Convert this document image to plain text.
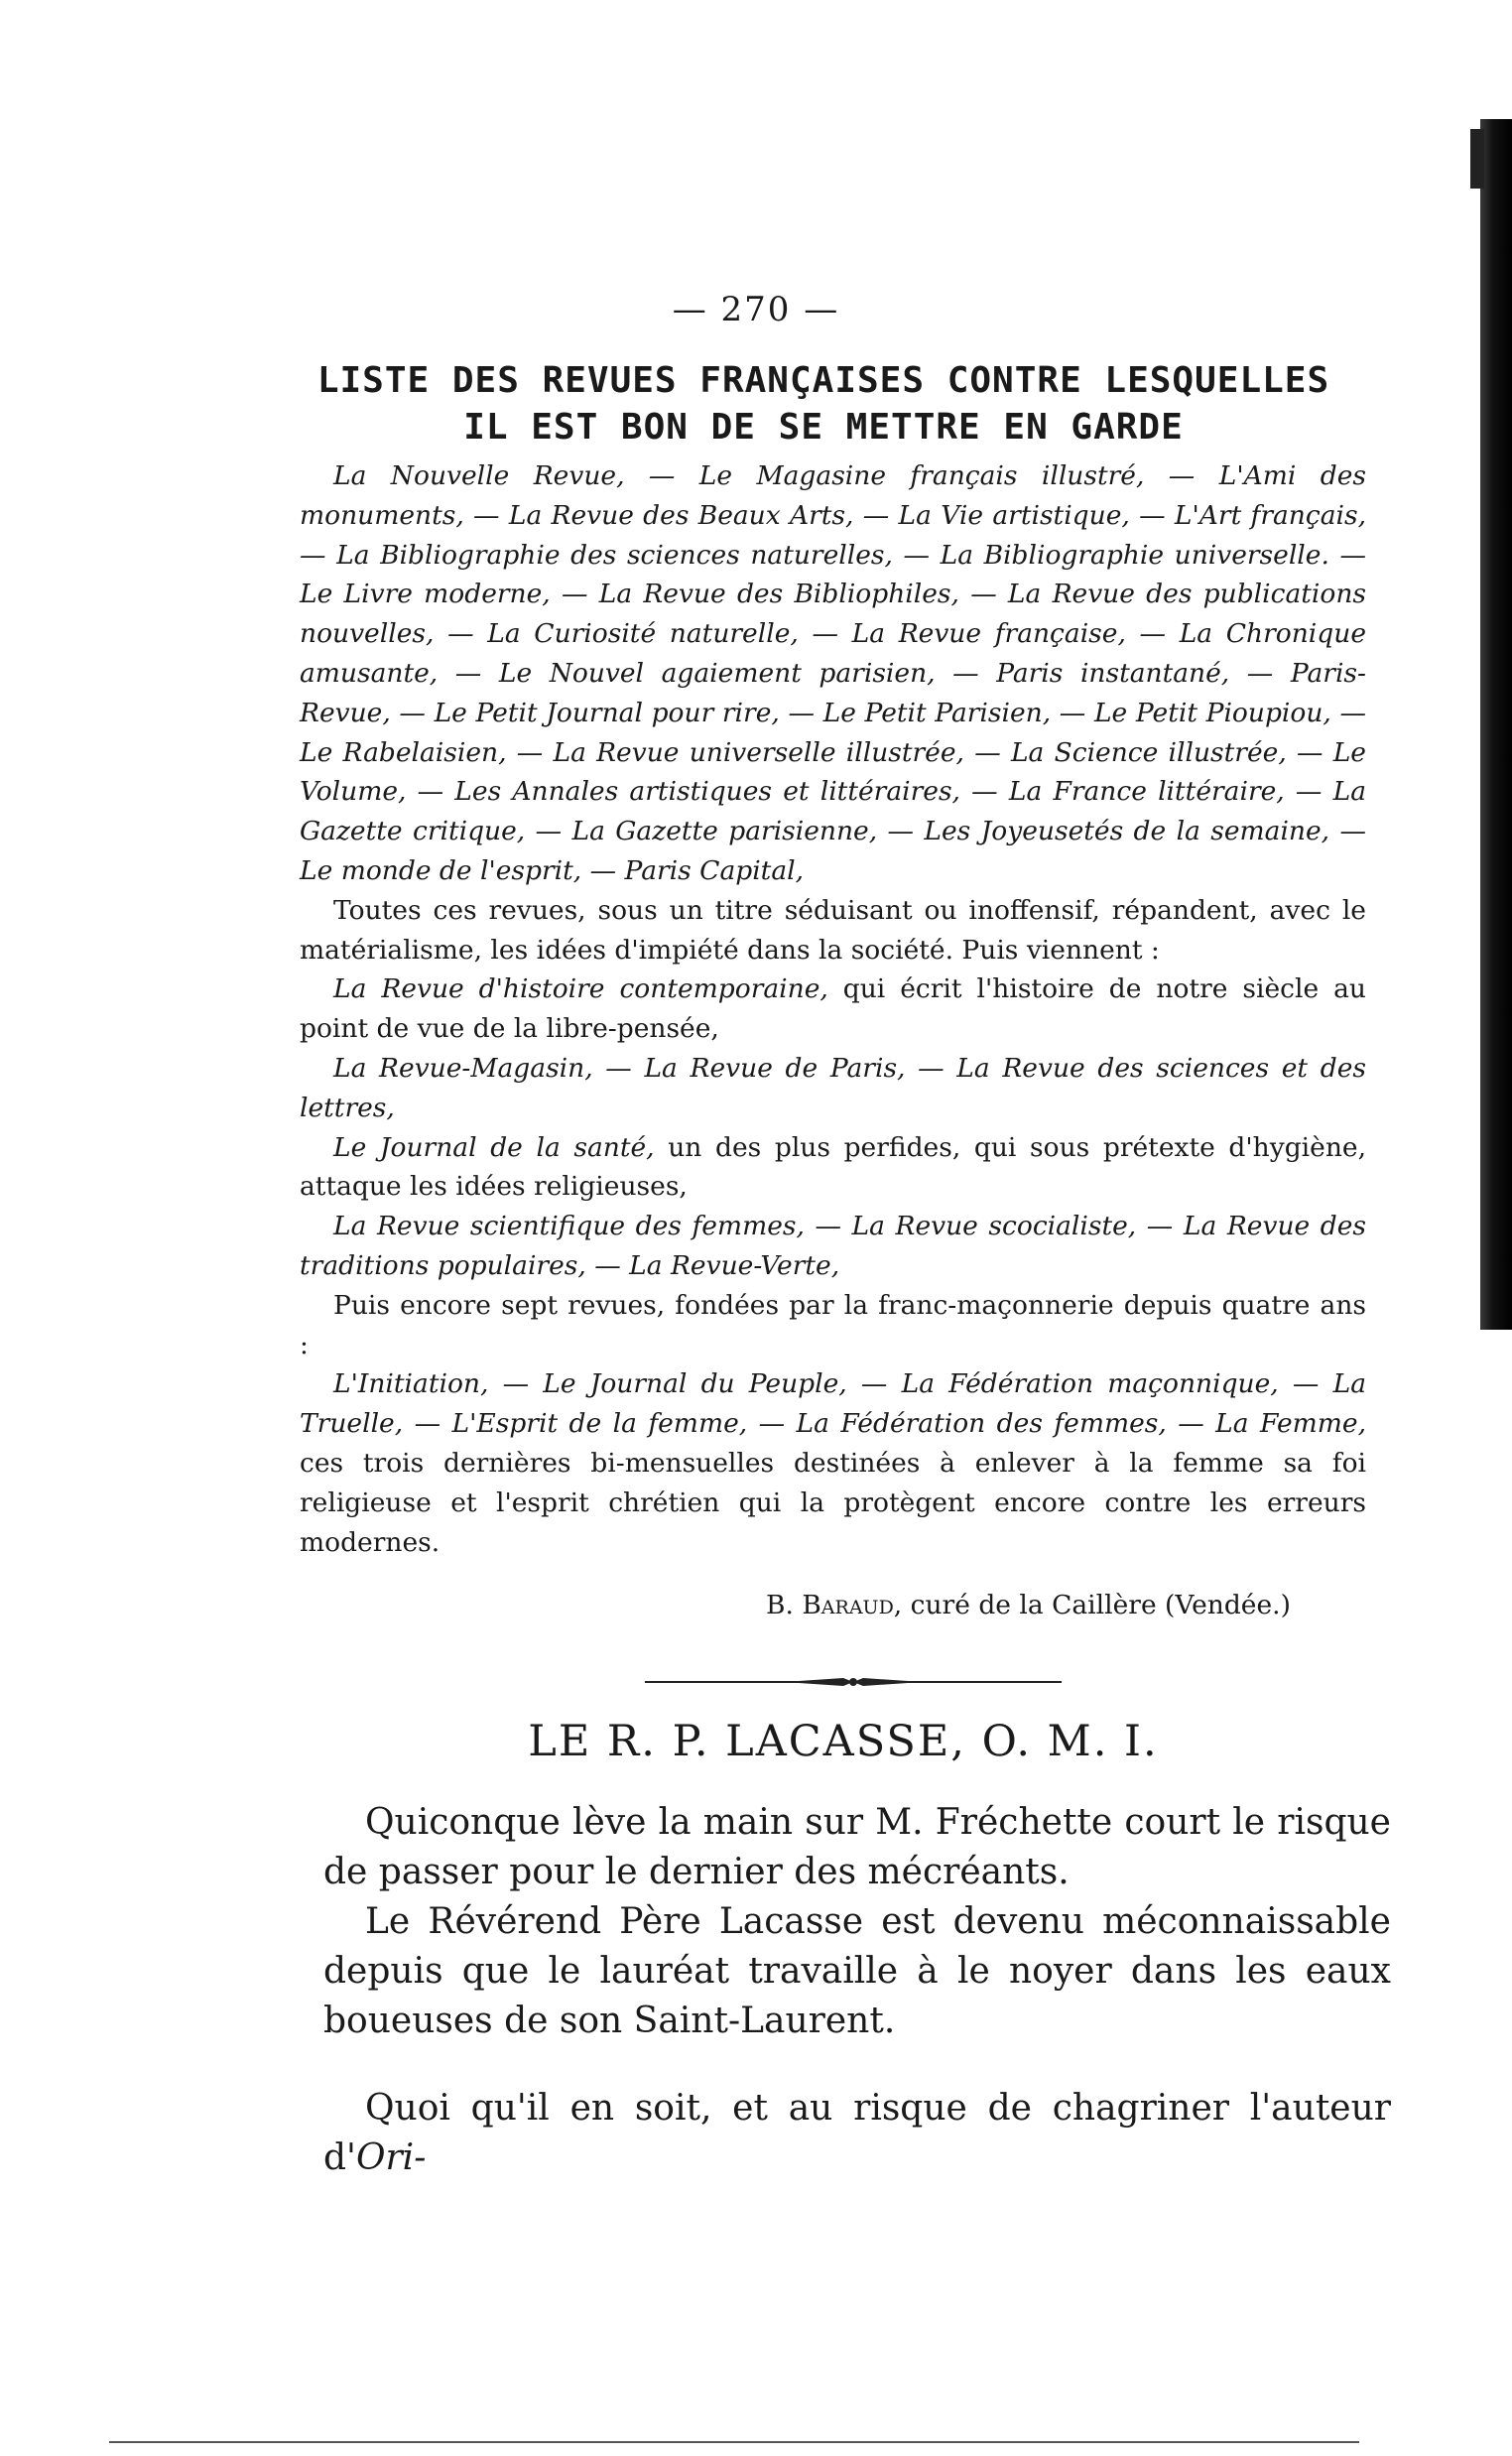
— 270 —
LISTE DES REVUES FRANÇAISES CONTRE LESQUELLES
IL EST BON DE SE METTRE EN GARDE

La Nouvelle Revue, — Le Magasine français illustré, — L'Ami des monuments, — La Revue des Beaux Arts, — La Vie artistique, — L'Art français, — La Bibliographie des sciences naturelles, — La Bibliographie universelle. — Le Livre moderne, — La Revue des Bibliophiles, — La Revue des publications nouvelles, — La Curiosité naturelle, — La Revue française, — La Chronique amusante, — Le Nouvel agaiement parisien, — Paris instantané, — Paris-Revue, — Le Petit Journal pour rire, — Le Petit Parisien, — Le Petit Pioupiou, — Le Rabelaisien, — La Revue universelle illustrée, — La Science illustrée, — Le Volume, — Les Annales artistiques et littéraires, — La France littéraire, — La Gazette critique, — La Gazette parisienne, — Les Joyeusetés de la semaine, — Le monde de l'esprit, — Paris Capital,

Toutes ces revues, sous un titre séduisant ou inoffensif, répandent, avec le matérialisme, les idées d'impiété dans la société. Puis viennent :

La Revue d'histoire contemporaine, qui écrit l'histoire de notre siècle au point de vue de la libre-pensée,

La Revue-Magasin, — La Revue de Paris, — La Revue des sciences et des lettres,

Le Journal de la santé, un des plus perfides, qui sous prétexte d'hygiène, attaque les idées religieuses,

La Revue scientifique des femmes, — La Revue scocialiste, — La Revue des traditions populaires, — La Revue-Verte,

Puis encore sept revues, fondées par la franc-maçonnerie depuis quatre ans :

L'Initiation, — Le Journal du Peuple, — La Fédération maçonnique, — La Truelle, — L'Esprit de la femme, — La Fédération des femmes, — La Femme, ces trois dernières bi-mensuelles destinées à enlever à la femme sa foi religieuse et l'esprit chrétien qui la protègent encore contre les erreurs modernes.

B. Baraud, curé de la Caillère (Vendée.)
LE R. P. LACASSE, O. M. I.

Quiconque lève la main sur M. Fréchette court le risque de passer pour le dernier des mécréants.

Le Révérend Père Lacasse est devenu méconnaissable depuis que le lauréat travaille à le noyer dans les eaux boueuses de son Saint-Laurent.

Quoi qu'il en soit, et au risque de chagriner l'auteur d'Ori-
